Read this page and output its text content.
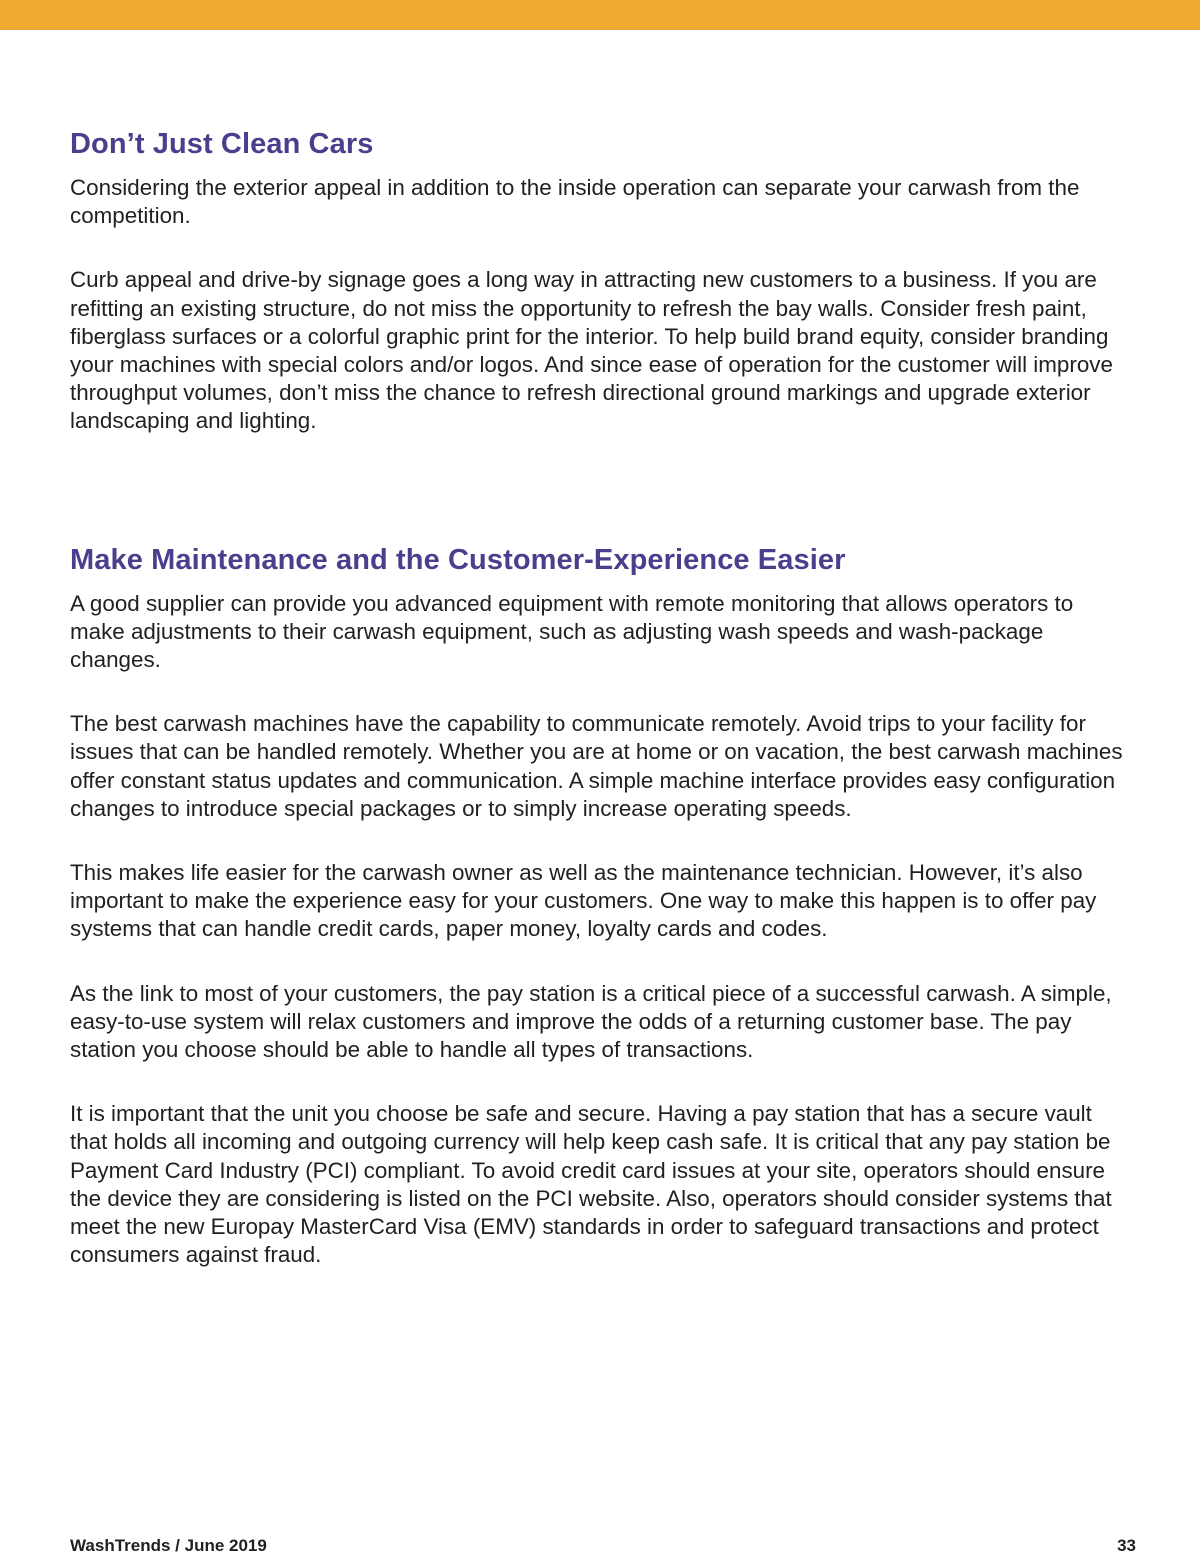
Don’t Just Clean Cars

Considering the exterior appeal in addition to the inside operation can separate your carwash from the competition.

Curb appeal and drive-by signage goes a long way in attracting new customers to a business. If you are refitting an existing structure, do not miss the opportunity to refresh the bay walls. Consider fresh paint, fiberglass surfaces or a colorful graphic print for the interior. To help build brand equity, consider branding your machines with special colors and/or logos. And since ease of operation for the customer will improve throughput volumes, don’t miss the chance to refresh directional ground markings and upgrade exterior landscaping and lighting.

Make Maintenance and the Customer-Experience Easier

A good supplier can provide you advanced equipment with remote monitoring that allows operators to make adjustments to their carwash equipment, such as adjusting wash speeds and wash-package changes.

The best carwash machines have the capability to communicate remotely. Avoid trips to your facility for issues that can be handled remotely. Whether you are at home or on vacation, the best carwash machines offer constant status updates and communication. A simple machine interface provides easy configuration changes to introduce special packages or to simply increase operating speeds.

This makes life easier for the carwash owner as well as the maintenance technician. However, it’s also important to make the experience easy for your customers. One way to make this happen is to offer pay systems that can handle credit cards, paper money, loyalty cards and codes.

As the link to most of your customers, the pay station is a critical piece of a successful carwash. A simple, easy-to-use system will relax customers and improve the odds of a returning customer base. The pay station you choose should be able to handle all types of transactions.

It is important that the unit you choose be safe and secure. Having a pay station that has a secure vault that holds all incoming and outgoing currency will help keep cash safe. It is critical that any pay station be Payment Card Industry (PCI) compliant. To avoid credit card issues at your site, operators should ensure the device they are considering is listed on the PCI website. Also, operators should consider systems that meet the new Europay MasterCard Visa (EMV) standards in order to safeguard transactions and protect consumers against fraud.

WashTrends / June 2019	33
